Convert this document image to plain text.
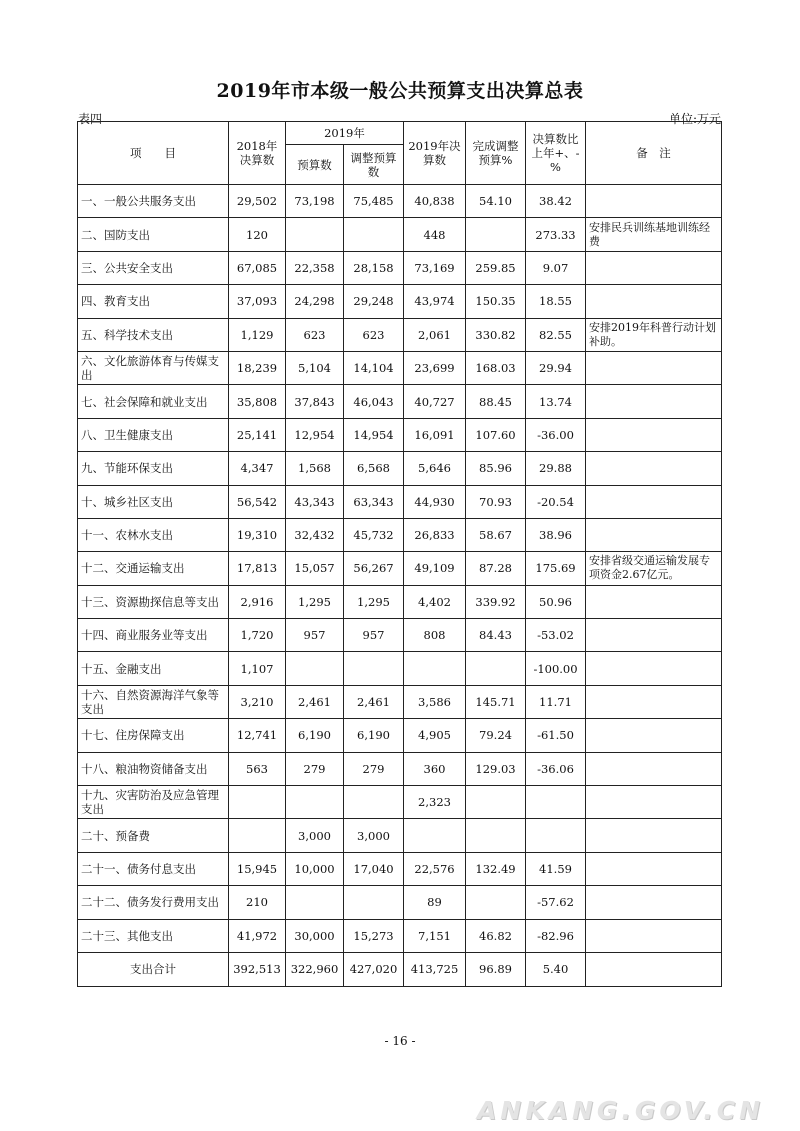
2019年市本级一般公共预算支出决算总表
表四	单位:万元
项　　目	2018年决算数	2019年		2019年决算数	完成调整预算%	决算数比上年+、-%	备　注
		预算数	调整预算数				
一、一般公共服务支出	29,502	73,198	75,485	40,838	54.10	38.42	
二、国防支出	120			448		273.33	安排民兵训练基地训练经费
三、公共安全支出	67,085	22,358	28,158	73,169	259.85	9.07	
四、教育支出	37,093	24,298	29,248	43,974	150.35	18.55	
五、科学技术支出	1,129	623	623	2,061	330.82	82.55	安排2019年科普行动计划补助。
六、文化旅游体育与传媒支出	18,239	5,104	14,104	23,699	168.03	29.94	
七、社会保障和就业支出	35,808	37,843	46,043	40,727	88.45	13.74	
八、卫生健康支出	25,141	12,954	14,954	16,091	107.60	-36.00	
九、节能环保支出	4,347	1,568	6,568	5,646	85.96	29.88	
十、城乡社区支出	56,542	43,343	63,343	44,930	70.93	-20.54	
十一、农林水支出	19,310	32,432	45,732	26,833	58.67	38.96	
十二、交通运输支出	17,813	15,057	56,267	49,109	87.28	175.69	安排省级交通运输发展专项资金2.67亿元。
十三、资源勘探信息等支出	2,916	1,295	1,295	4,402	339.92	50.96	
十四、商业服务业等支出	1,720	957	957	808	84.43	-53.02	
十五、金融支出	1,107					-100.00	
十六、自然资源海洋气象等支出	3,210	2,461	2,461	3,586	145.71	11.71	
十七、住房保障支出	12,741	6,190	6,190	4,905	79.24	-61.50	
十八、粮油物资储备支出	563	279	279	360	129.03	-36.06	
十九、灾害防治及应急管理支出				2,323			
二十、预备费		3,000	3,000				
二十一、债务付息支出	15,945	10,000	17,040	22,576	132.49	41.59	
二十二、债务发行费用支出	210			89		-57.62	
二十三、其他支出	41,972	30,000	15,273	7,151	46.82	-82.96	
支出合计	392,513	322,960	427,020	413,725	96.89	5.40	
- 16 -
ANKANG.GOV.CN
